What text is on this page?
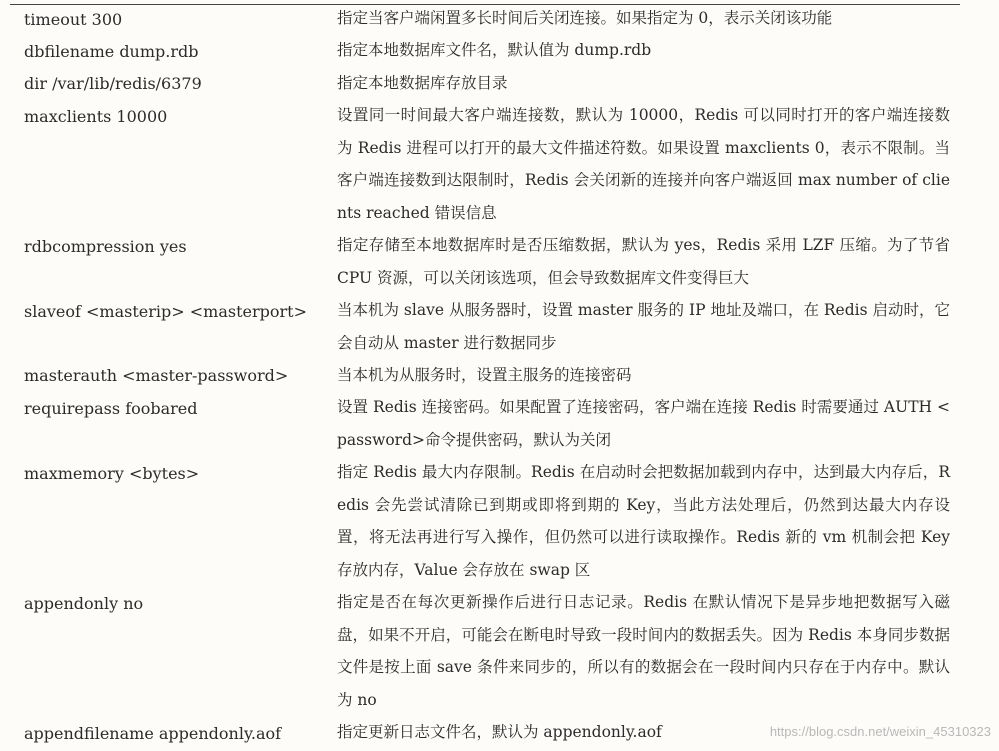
timeout 300	指定当客户端闲置多长时间后关闭连接。如果指定为 0，表示关闭该功能
dbfilename dump.rdb	指定本地数据库文件名，默认值为 dump.rdb
dir /var/lib/redis/6379	指定本地数据库存放目录
maxclients 10000	设置同一时间最大客户端连接数，默认为 10000，Redis 可以同时打开的客户端连接数为 Redis 进程可以打开的最大文件描述符数。如果设置 maxclients 0，表示不限制。当客户端连接数到达限制时，Redis 会关闭新的连接并向客户端返回 max number of clients reached 错误信息
rdbcompression yes	指定存储至本地数据库时是否压缩数据，默认为 yes，Redis 采用 LZF 压缩。为了节省 CPU 资源，可以关闭该选项，但会导致数据库文件变得巨大
slaveof <masterip> <masterport>	当本机为 slave 从服务器时，设置 master 服务的 IP 地址及端口，在 Redis 启动时，它会自动从 master 进行数据同步
masterauth <master-password>	当本机为从服务时，设置主服务的连接密码
requirepass foobared	设置 Redis 连接密码。如果配置了连接密码，客户端在连接 Redis 时需要通过 AUTH <password>命令提供密码，默认为关闭
maxmemory <bytes>	指定 Redis 最大内存限制。Redis 在启动时会把数据加载到内存中，达到最大内存后，Redis 会先尝试清除已到期或即将到期的 Key，当此方法处理后，仍然到达最大内存设置，将无法再进行写入操作，但仍然可以进行读取操作。Redis 新的 vm 机制会把 Key 存放内存，Value 会存放在 swap 区
appendonly no	指定是否在每次更新操作后进行日志记录。Redis 在默认情况下是异步地把数据写入磁盘，如果不开启，可能会在断电时导致一段时间内的数据丢失。因为 Redis 本身同步数据文件是按上面 save 条件来同步的，所以有的数据会在一段时间内只存在于内存中。默认为 no
appendfilename appendonly.aof	指定更新日志文件名，默认为 appendonly.aof	https://blog.csdn.net/weixin_45310323
